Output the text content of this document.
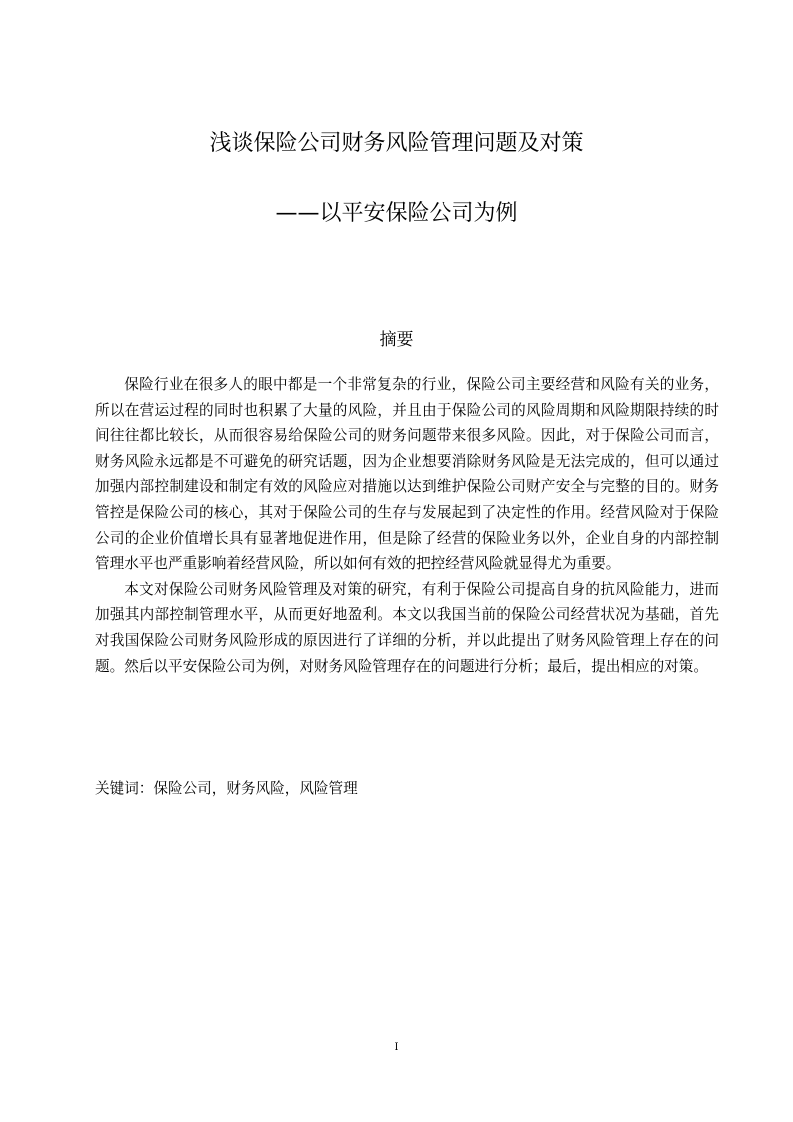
浅谈保险公司财务风险管理问题及对策
——以平安保险公司为例
摘要

保险行业在很多人的眼中都是一个非常复杂的行业，保险公司主要经营和风险有关的业务，所以在营运过程的同时也积累了大量的风险，并且由于保险公司的风险周期和风险期限持续的时间往往都比较长，从而很容易给保险公司的财务问题带来很多风险。因此，对于保险公司而言，财务风险永远都是不可避免的研究话题，因为企业想要消除财务风险是无法完成的，但可以通过加强内部控制建设和制定有效的风险应对措施以达到维护保险公司财产安全与完整的目的。财务管控是保险公司的核心，其对于保险公司的生存与发展起到了决定性的作用。经营风险对于保险公司的企业价值增长具有显著地促进作用，但是除了经营的保险业务以外，企业自身的内部控制管理水平也严重影响着经营风险，所以如何有效的把控经营风险就显得尤为重要。

本文对保险公司财务风险管理及对策的研究，有利于保险公司提高自身的抗风险能力，进而加强其内部控制管理水平，从而更好地盈利。本文以我国当前的保险公司经营状况为基础，首先对我国保险公司财务风险形成的原因进行了详细的分析，并以此提出了财务风险管理上存在的问题。然后以平安保险公司为例，对财务风险管理存在的问题进行分析；最后，提出相应的对策。

关键词：保险公司，财务风险，风险管理
I
